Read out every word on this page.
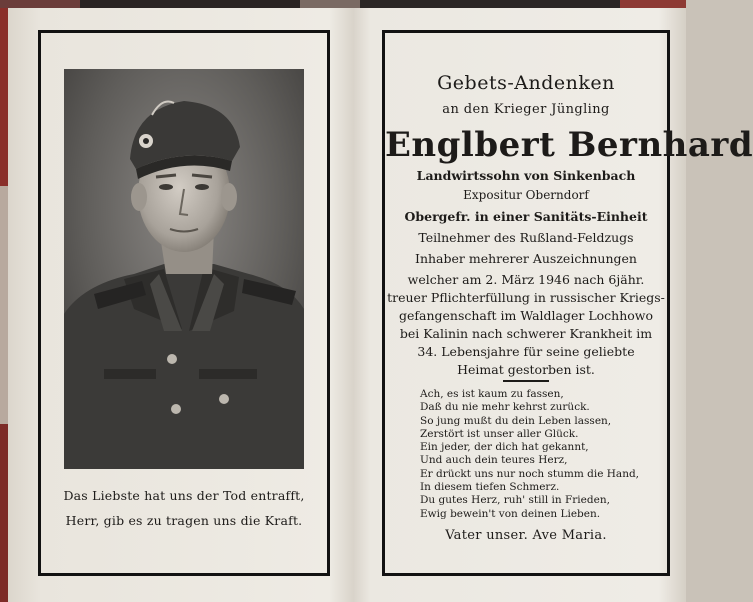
Das Liebste hat uns der Tod entrafft,
Herr, gib es zu tragen uns die Kraft.
Gebets-Andenken
an den Krieger Jüngling
Englbert Bernhard
Landwirtssohn von Sinkenbach
Expositur Oberndorf
Obergefr. in einer Sanitäts-Einheit
Teilnehmer des Rußland-Feldzugs
Inhaber mehrerer Auszeichnungen
welcher am 2. März 1946 nach 6jähr.
treuer Pflichterfüllung in russischer Kriegs-
gefangenschaft im Waldlager Lochhowo
bei Kalinin nach schwerer Krankheit im
34. Lebensjahre für seine geliebte
Heimat gestorben ist.
Ach, es ist kaum zu fassen,
Daß du nie mehr kehrst zurück.
So jung mußt du dein Leben lassen,
Zerstört ist unser aller Glück.
Ein jeder, der dich hat gekannt,
Und auch dein teures Herz,
Er drückt uns nur noch stumm die Hand,
In diesem tiefen Schmerz.
Du gutes Herz, ruh' still in Frieden,
Ewig bewein't von deinen Lieben.
Vater unser. Ave Maria.
